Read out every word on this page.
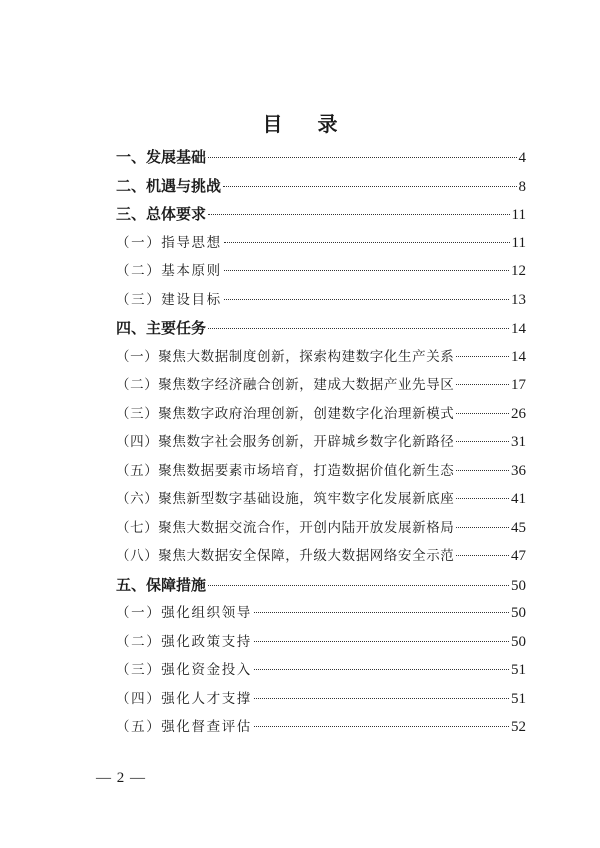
目 录
一、发展基础	4
二、机遇与挑战	8
三、总体要求	11
（一）指导思想	11
（二）基本原则	12
（三）建设目标	13
四、主要任务	14
（一）聚焦大数据制度创新，探索构建数字化生产关系	14
（二）聚焦数字经济融合创新，建成大数据产业先导区	17
（三）聚焦数字政府治理创新，创建数字化治理新模式	26
（四）聚焦数字社会服务创新，开辟城乡数字化新路径	31
（五）聚焦数据要素市场培育，打造数据价值化新生态	36
（六）聚焦新型数字基础设施，筑牢数字化发展新底座	41
（七）聚焦大数据交流合作，开创内陆开放发展新格局	45
（八）聚焦大数据安全保障，升级大数据网络安全示范	47
五、保障措施	50
（一）强化组织领导	50
（二）强化政策支持	50
（三）强化资金投入	51
（四）强化人才支撑	51
（五）强化督查评估	52
— 2 —
